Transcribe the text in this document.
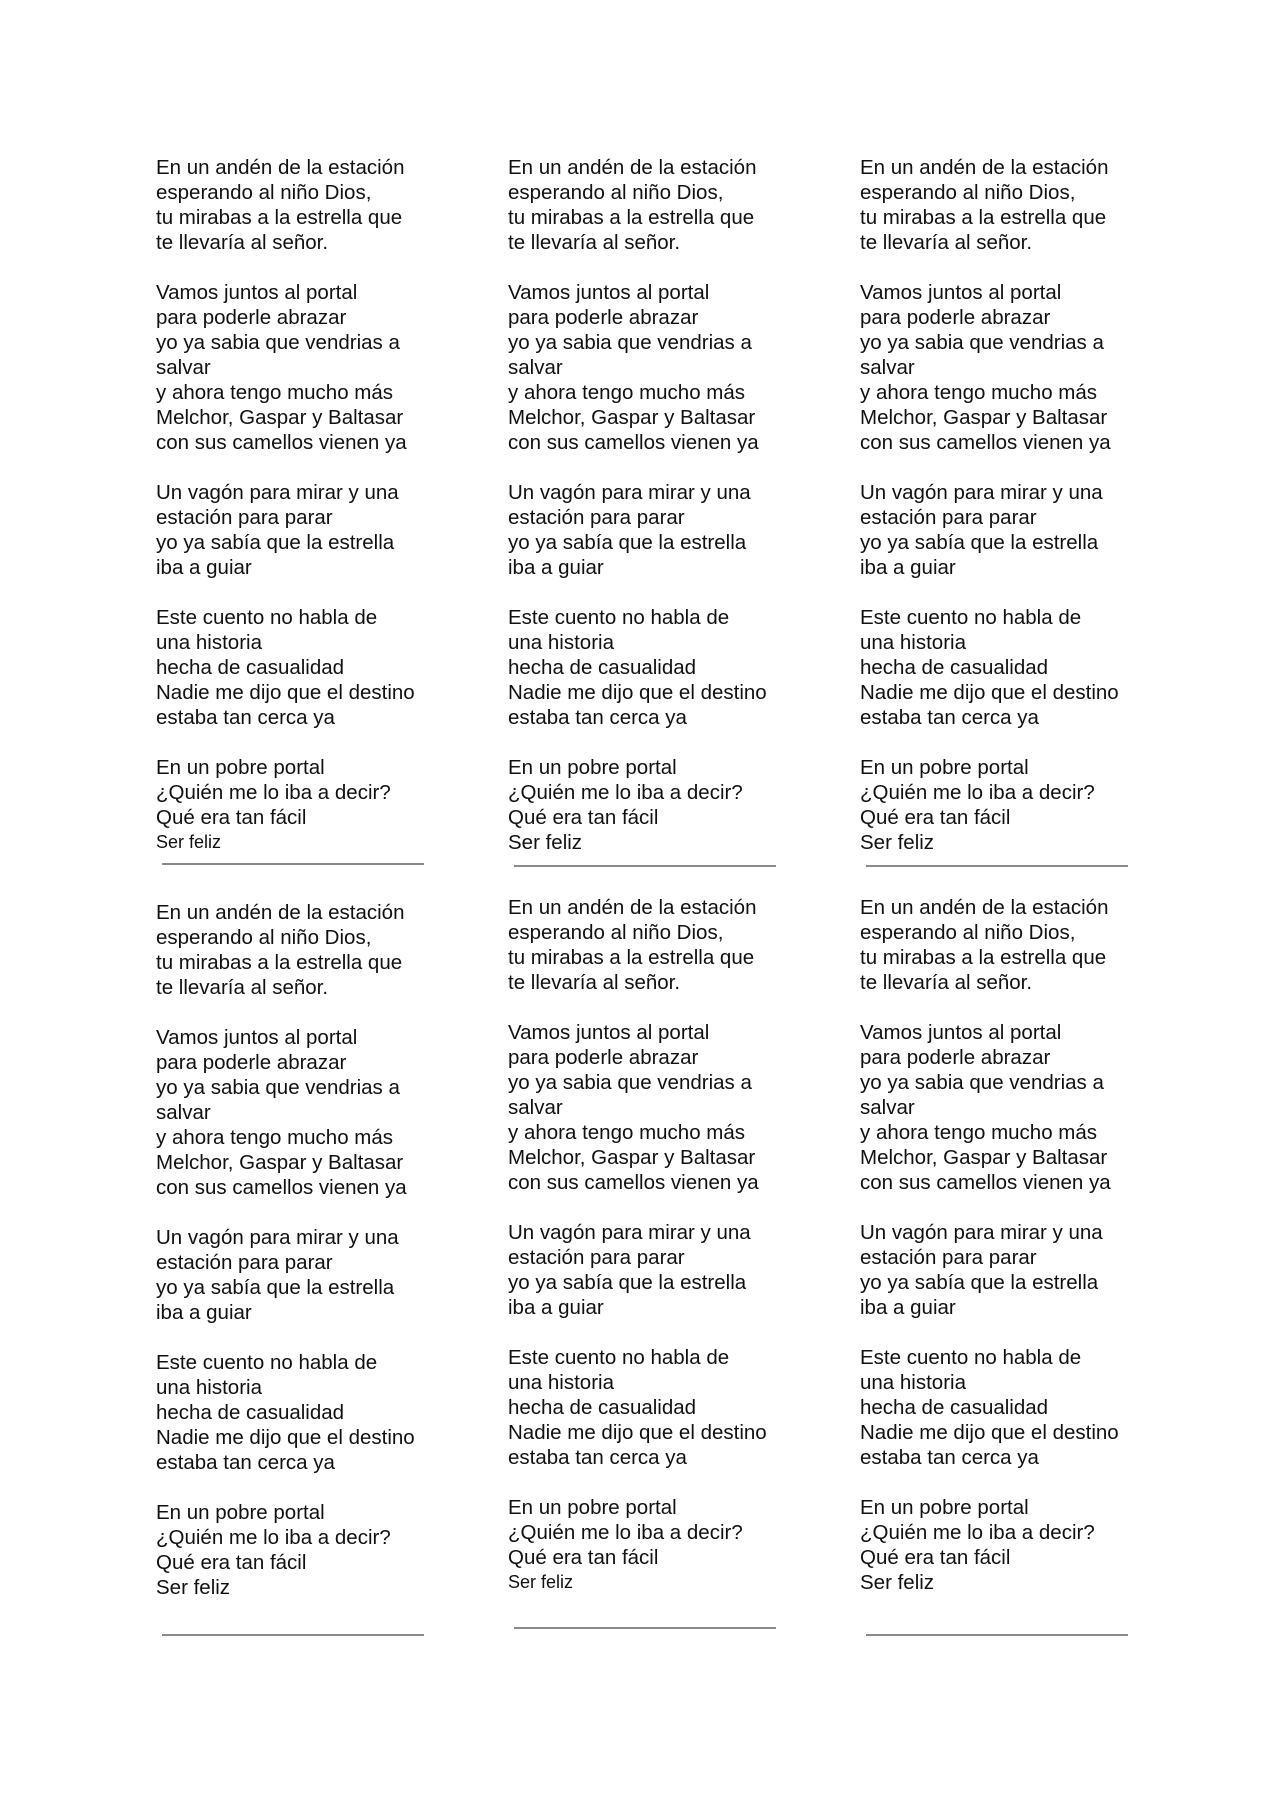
En un andén de la estación
esperando al niño Dios,
tu mirabas a la estrella que
te llevaría al señor.
Vamos juntos al portal
para poderle abrazar
yo ya sabia que vendrias a
salvar
y ahora tengo mucho más
Melchor, Gaspar y Baltasar
con sus camellos vienen ya
Un vagón para mirar y una
estación para parar
yo ya sabía que la estrella
iba a guiar
Este cuento no habla de
una historia
hecha de casualidad
Nadie me dijo que el destino
estaba tan cerca ya
En un pobre portal
¿Quién me lo iba a decir?
Qué era tan fácil
Ser feliz
En un andén de la estación
esperando al niño Dios,
tu mirabas a la estrella que
te llevaría al señor.
Vamos juntos al portal
para poderle abrazar
yo ya sabia que vendrias a
salvar
y ahora tengo mucho más
Melchor, Gaspar y Baltasar
con sus camellos vienen ya
Un vagón para mirar y una
estación para parar
yo ya sabía que la estrella
iba a guiar
Este cuento no habla de
una historia
hecha de casualidad
Nadie me dijo que el destino
estaba tan cerca ya
En un pobre portal
¿Quién me lo iba a decir?
Qué era tan fácil
Ser feliz
En un andén de la estación
esperando al niño Dios,
tu mirabas a la estrella que
te llevaría al señor.
Vamos juntos al portal
para poderle abrazar
yo ya sabia que vendrias a
salvar
y ahora tengo mucho más
Melchor, Gaspar y Baltasar
con sus camellos vienen ya
Un vagón para mirar y una
estación para parar
yo ya sabía que la estrella
iba a guiar
Este cuento no habla de
una historia
hecha de casualidad
Nadie me dijo que el destino
estaba tan cerca ya
En un pobre portal
¿Quién me lo iba a decir?
Qué era tan fácil
Ser feliz
En un andén de la estación
esperando al niño Dios,
tu mirabas a la estrella que
te llevaría al señor.
Vamos juntos al portal
para poderle abrazar
yo ya sabia que vendrias a
salvar
y ahora tengo mucho más
Melchor, Gaspar y Baltasar
con sus camellos vienen ya
Un vagón para mirar y una
estación para parar
yo ya sabía que la estrella
iba a guiar
Este cuento no habla de
una historia
hecha de casualidad
Nadie me dijo que el destino
estaba tan cerca ya
En un pobre portal
¿Quién me lo iba a decir?
Qué era tan fácil
Ser feliz
En un andén de la estación
esperando al niño Dios,
tu mirabas a la estrella que
te llevaría al señor.
Vamos juntos al portal
para poderle abrazar
yo ya sabia que vendrias a
salvar
y ahora tengo mucho más
Melchor, Gaspar y Baltasar
con sus camellos vienen ya
Un vagón para mirar y una
estación para parar
yo ya sabía que la estrella
iba a guiar
Este cuento no habla de
una historia
hecha de casualidad
Nadie me dijo que el destino
estaba tan cerca ya
En un pobre portal
¿Quién me lo iba a decir?
Qué era tan fácil
Ser feliz
En un andén de la estación
esperando al niño Dios,
tu mirabas a la estrella que
te llevaría al señor.
Vamos juntos al portal
para poderle abrazar
yo ya sabia que vendrias a
salvar
y ahora tengo mucho más
Melchor, Gaspar y Baltasar
con sus camellos vienen ya
Un vagón para mirar y una
estación para parar
yo ya sabía que la estrella
iba a guiar
Este cuento no habla de
una historia
hecha de casualidad
Nadie me dijo que el destino
estaba tan cerca ya
En un pobre portal
¿Quién me lo iba a decir?
Qué era tan fácil
Ser feliz
